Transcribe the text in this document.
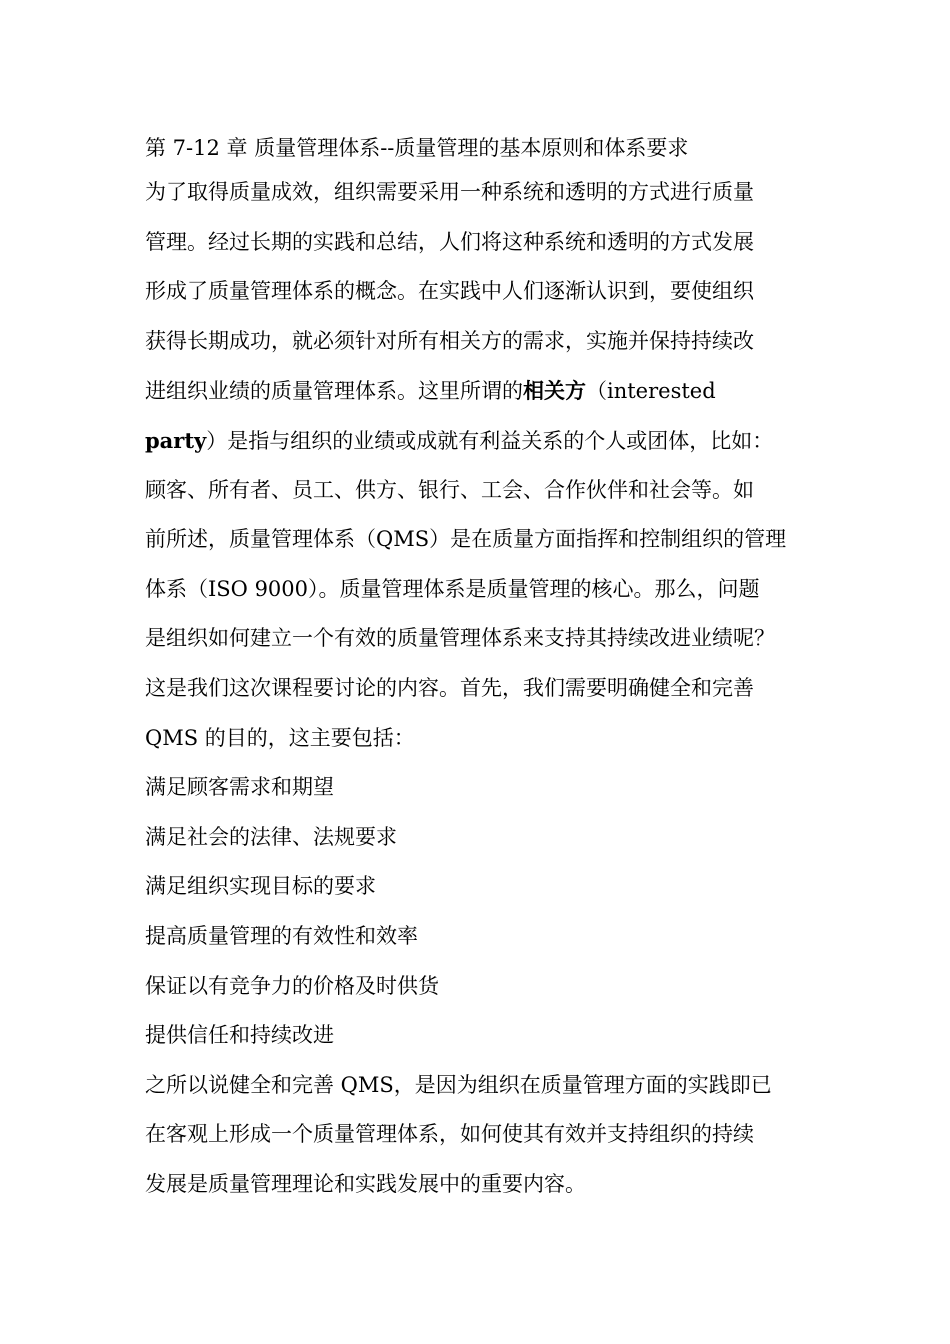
第 7-12 章 质量管理体系--质量管理的基本原则和体系要求
为了取得质量成效，组织需要采用一种系统和透明的方式进行质量
管理。经过长期的实践和总结，人们将这种系统和透明的方式发展
形成了质量管理体系的概念。在实践中人们逐渐认识到，要使组织
获得长期成功，就必须针对所有相关方的需求，实施并保持持续改
进组织业绩的质量管理体系。这里所谓的相关方（interested
party）是指与组织的业绩或成就有利益关系的个人或团体，比如：
顾客、所有者、员工、供方、银行、工会、合作伙伴和社会等。如
前所述，质量管理体系（QMS）是在质量方面指挥和控制组织的管理
体系（ISO 9000）。质量管理体系是质量管理的核心。那么，问题
是组织如何建立一个有效的质量管理体系来支持其持续改进业绩呢？
这是我们这次课程要讨论的内容。首先，我们需要明确健全和完善
QMS 的目的，这主要包括：
满足顾客需求和期望
满足社会的法律、法规要求
满足组织实现目标的要求
提高质量管理的有效性和效率
保证以有竞争力的价格及时供货
提供信任和持续改进
之所以说健全和完善 QMS，是因为组织在质量管理方面的实践即已
在客观上形成一个质量管理体系，如何使其有效并支持组织的持续
发展是质量管理理论和实践发展中的重要内容。
